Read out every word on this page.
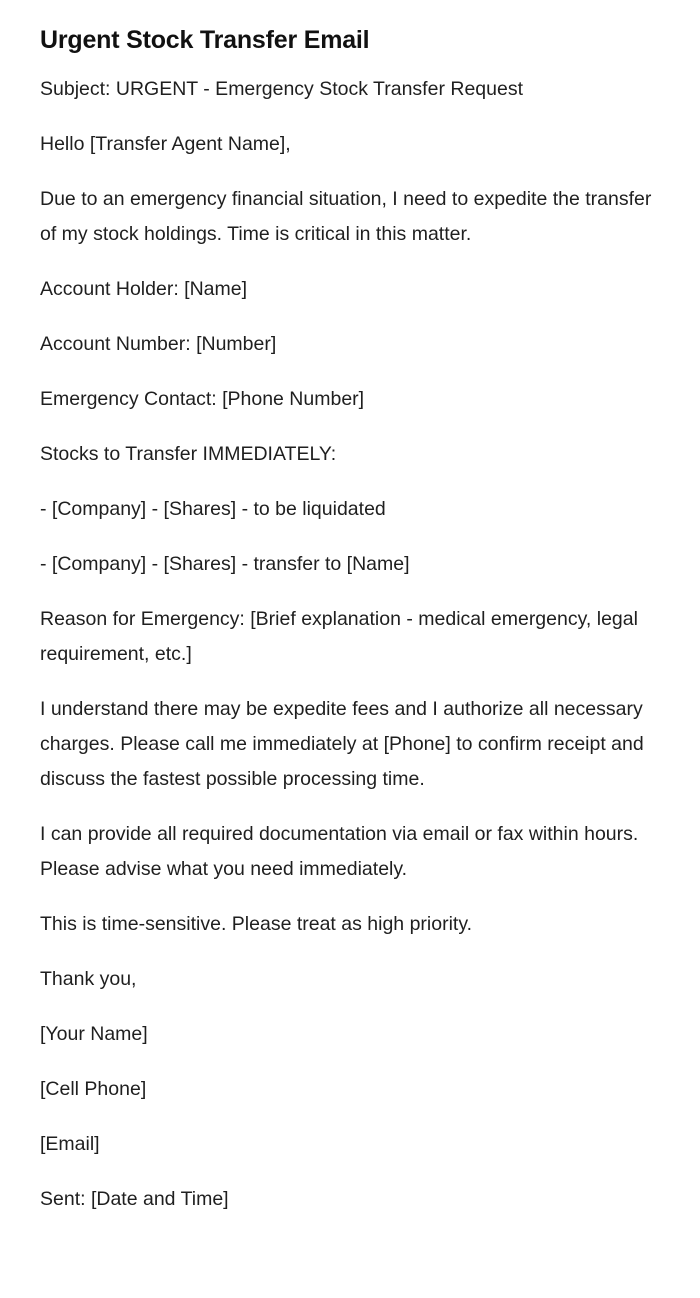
Urgent Stock Transfer Email

Subject: URGENT - Emergency Stock Transfer Request

Hello [Transfer Agent Name],

Due to an emergency financial situation, I need to expedite the transfer of my stock holdings. Time is critical in this matter.

Account Holder: [Name]

Account Number: [Number]

Emergency Contact: [Phone Number]

Stocks to Transfer IMMEDIATELY:

- [Company] - [Shares] - to be liquidated

- [Company] - [Shares] - transfer to [Name]

Reason for Emergency: [Brief explanation - medical emergency, legal requirement, etc.]

I understand there may be expedite fees and I authorize all necessary charges. Please call me immediately at [Phone] to confirm receipt and discuss the fastest possible processing time.

I can provide all required documentation via email or fax within hours. Please advise what you need immediately.

This is time-sensitive. Please treat as high priority.

Thank you,

[Your Name]

[Cell Phone]

[Email]

Sent: [Date and Time]
